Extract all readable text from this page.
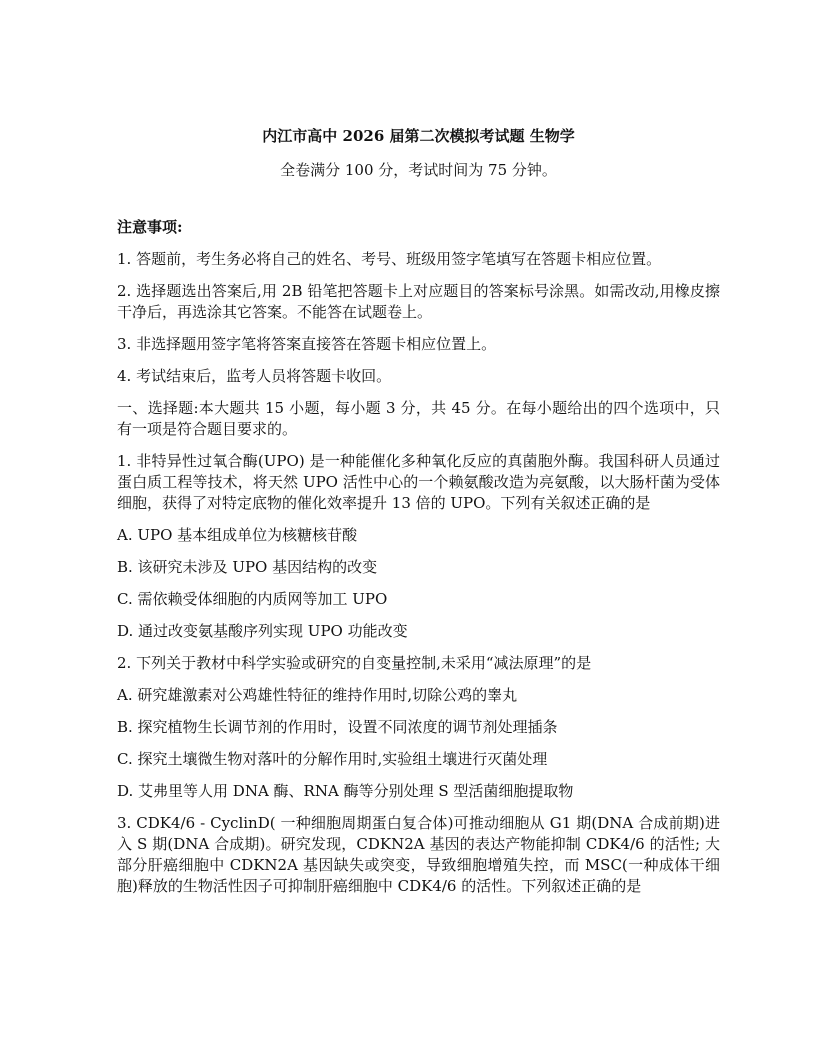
内江市高中 2026 届第二次模拟考试题 生物学

全卷满分 100 分，考试时间为 75 分钟。

注意事项:

1. 答题前，考生务必将自己的姓名、考号、班级用签字笔填写在答题卡相应位置。

2. 选择题选出答案后,用 2B 铅笔把答题卡上对应题目的答案标号涂黑。如需改动,用橡皮擦干净后，再选涂其它答案。不能答在试题卷上。

3. 非选择题用签字笔将答案直接答在答题卡相应位置上。

4. 考试结束后，监考人员将答题卡收回。

一、选择题:本大题共 15 小题，每小题 3 分，共 45 分。在每小题给出的四个选项中，只有一项是符合题目要求的。

1. 非特异性过氧合酶(UPO) 是一种能催化多种氧化反应的真菌胞外酶。我国科研人员通过蛋白质工程等技术，将天然 UPO 活性中心的一个赖氨酸改造为亮氨酸，以大肠杆菌为受体细胞，获得了对特定底物的催化效率提升 13 倍的 UPO。下列有关叙述正确的是

A. UPO 基本组成单位为核糖核苷酸

B. 该研究未涉及 UPO 基因结构的改变

C. 需依赖受体细胞的内质网等加工 UPO

D. 通过改变氨基酸序列实现 UPO 功能改变

2. 下列关于教材中科学实验或研究的自变量控制,未采用“减法原理”的是

A. 研究雄激素对公鸡雄性特征的维持作用时,切除公鸡的睾丸

B. 探究植物生长调节剂的作用时，设置不同浓度的调节剂处理插条

C. 探究土壤微生物对落叶的分解作用时,实验组土壤进行灭菌处理

D. 艾弗里等人用 DNA 酶、RNA 酶等分别处理 S 型活菌细胞提取物

3. CDK4/6 - CyclinD( 一种细胞周期蛋白复合体)可推动细胞从 G1 期(DNA 合成前期)进入 S 期(DNA 合成期)。研究发现，CDKN2A 基因的表达产物能抑制 CDK4/6 的活性; 大部分肝癌细胞中 CDKN2A 基因缺失或突变，导致细胞增殖失控，而 MSC(一种成体干细胞)释放的生物活性因子可抑制肝癌细胞中 CDK4/6 的活性。下列叙述正确的是
